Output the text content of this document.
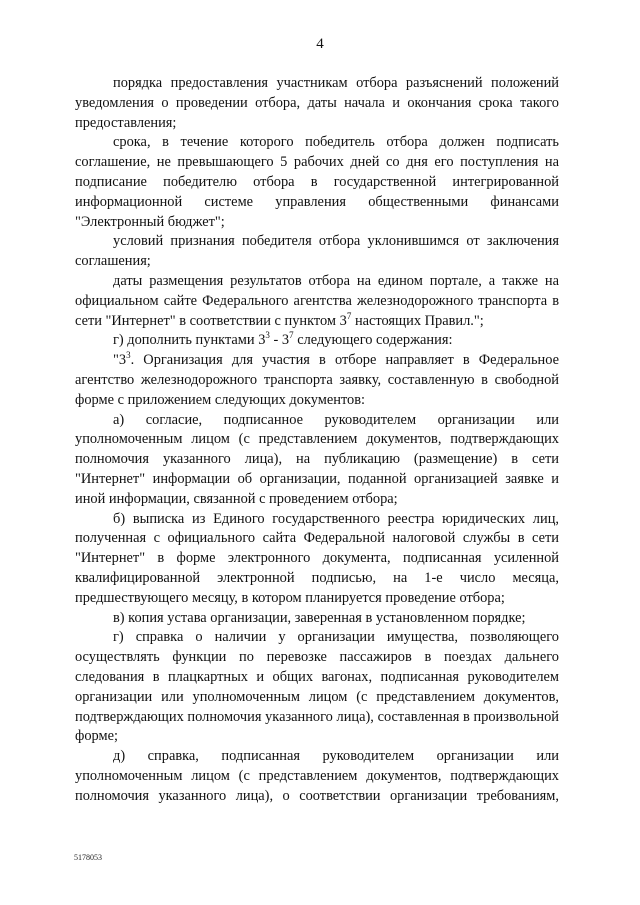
4

порядка предоставления участникам отбора разъяснений положений уведомления о проведении отбора, даты начала и окончания срока такого предоставления;

срока, в течение которого победитель отбора должен подписать соглашение, не превышающего 5 рабочих дней со дня его поступления на подписание победителю отбора в государственной интегрированной информационной системе управления общественными финансами "Электронный бюджет";

условий признания победителя отбора уклонившимся от заключения соглашения;

даты размещения результатов отбора на едином портале, а также на официальном сайте Федерального агентства железнодорожного транспорта в сети "Интернет" в соответствии с пунктом $3^7$ настоящих Правил.";

г) дополнить пунктами $3^3 - 3^7$ следующего содержания:

"$3^3$. Организация для участия в отборе направляет в Федеральное агентство железнодорожного транспорта заявку, составленную в свободной форме с приложением следующих документов:

а) согласие, подписанное руководителем организации или уполномоченным лицом (с представлением документов, подтверждающих полномочия указанного лица), на публикацию (размещение) в сети "Интернет" информации об организации, поданной организацией заявке и иной информации, связанной с проведением отбора;

б) выписка из Единого государственного реестра юридических лиц, полученная с официального сайта Федеральной налоговой службы в сети "Интернет" в форме электронного документа, подписанная усиленной квалифицированной электронной подписью, на 1-е число месяца, предшествующего месяцу, в котором планируется проведение отбора;

в) копия устава организации, заверенная в установленном порядке;

г) справка о наличии у организации имущества, позволяющего осуществлять функции по перевозке пассажиров в поездах дальнего следования в плацкартных и общих вагонах, подписанная руководителем организации или уполномоченным лицом (с представлением документов, подтверждающих полномочия указанного лица), составленная в произвольной форме;

д) справка, подписанная руководителем организации или уполномоченным лицом (с представлением документов, подтверждающих полномочия указанного лица), о соответствии организации требованиям,

5178053
